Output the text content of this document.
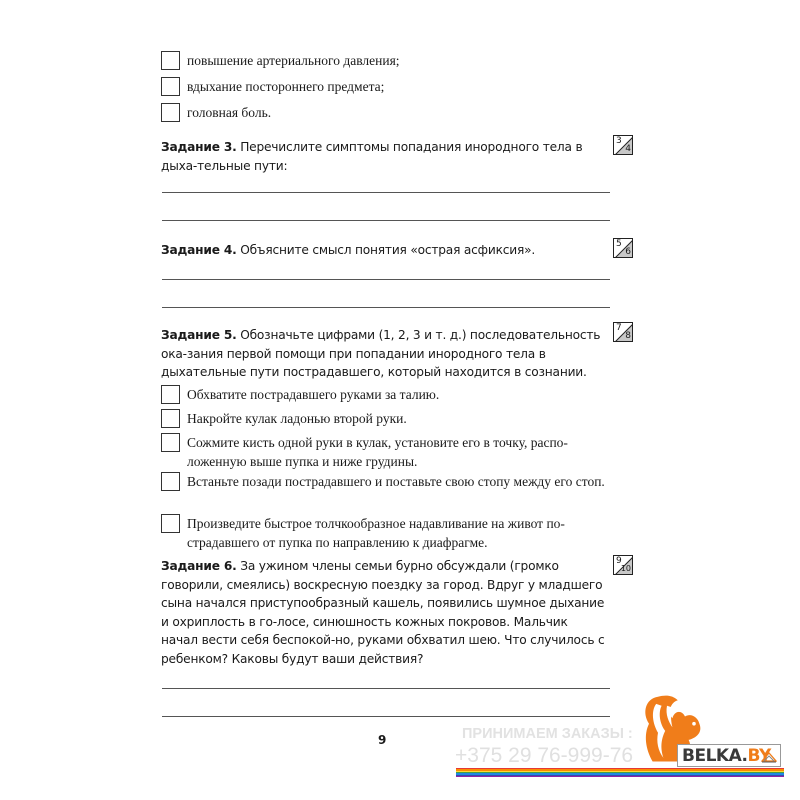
повышение артериального давления;
вдыхание постороннего предмета;
головная боль.
Задание 3. Перечислите симптомы попадания инородного тела в дыха-тельные пути:
3
4
Задание 4. Объясните смысл понятия «острая асфиксия».	5
6
Задание 5. Обозначьте цифрами (1, 2, 3 и т. д.) последовательность ока-зания первой помощи при попадании инородного тела в дыхательные пути пострадавшего, который находится в сознании.
7
8
Обхватите пострадавшего руками за талию.
Накройте кулак ладонью второй руки.
Сожмите кисть одной руки в кулак, установите его в точку, распо-ложенную выше пупка и ниже грудины.
Встаньте позади пострадавшего и поставьте свою стопу между его стоп.
Произведите быстрое толчкообразное надавливание на живот по-страдавшего от пупка по направлению к диафрагме.
Задание 6. За ужином члены семьи бурно обсуждали (громко говорили, смеялись) воскресную поездку за город. Вдруг у младшего сына начался приступообразный кашель, появились шумное дыхание и охриплость в го-лосе, синюшность кожных покровов. Мальчик начал вести себя беспокой-но, руками обхватил шею. Что случилось с ребенком? Каковы будут ваши действия?
9
10
9
BELKA.BY
ПРИНИМАЕМ ЗАКАЗЫ :
+375 29 76-999-76
